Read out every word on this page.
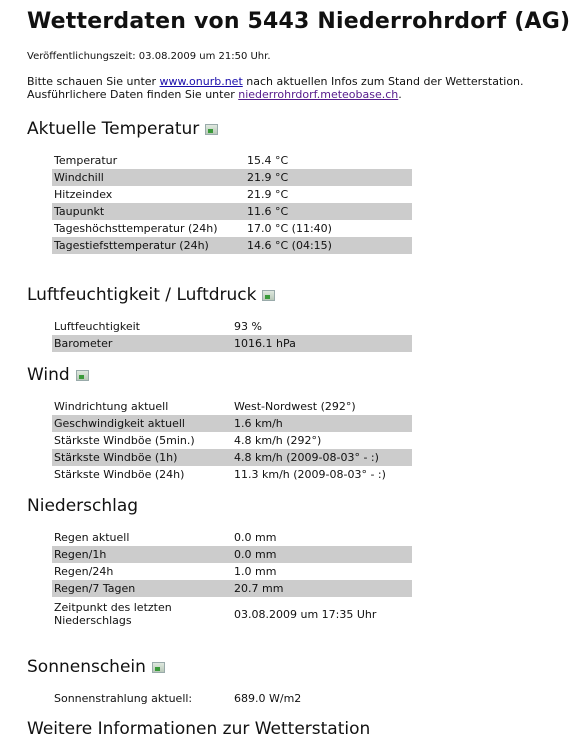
Wetterdaten von 5443 Niederrohrdorf (AG)
Veröffentlichungszeit: 03.08.2009 um 21:50 Uhr.
Bitte schauen Sie unter www.onurb.net nach aktuellen Infos zum Stand der Wetterstation.
Ausführlichere Daten finden Sie unter niederrohrdorf.meteobase.ch.
Aktuelle Temperatur
Temperatur	15.4 °C
Windchill	21.9 °C
Hitzeindex	21.9 °C
Taupunkt	11.6 °C
Tageshöchsttemperatur (24h)	17.0 °C (11:40)
Tagestiefsttemperatur (24h)	14.6 °C (04:15)
Luftfeuchtigkeit / Luftdruck
Luftfeuchtigkeit	93 %
Barometer	1016.1 hPa
Wind
Windrichtung aktuell	West-Nordwest (292°)
Geschwindigkeit aktuell	1.6 km/h
Stärkste Windböe (5min.)	4.8 km/h (292°)
Stärkste Windböe (1h)	4.8 km/h (2009-08-03° - :)
Stärkste Windböe (24h)	11.3 km/h (2009-08-03° - :)
Niederschlag
Regen aktuell	0.0 mm
Regen/1h	0.0 mm
Regen/24h	1.0 mm
Regen/7 Tagen	20.7 mm
Zeitpunkt des letzten
Niederschlags	03.08.2009 um 17:35 Uhr
Sonnenschein
Sonnenstrahlung aktuell:	689.0 W/m2
Weitere Informationen zur Wetterstation
